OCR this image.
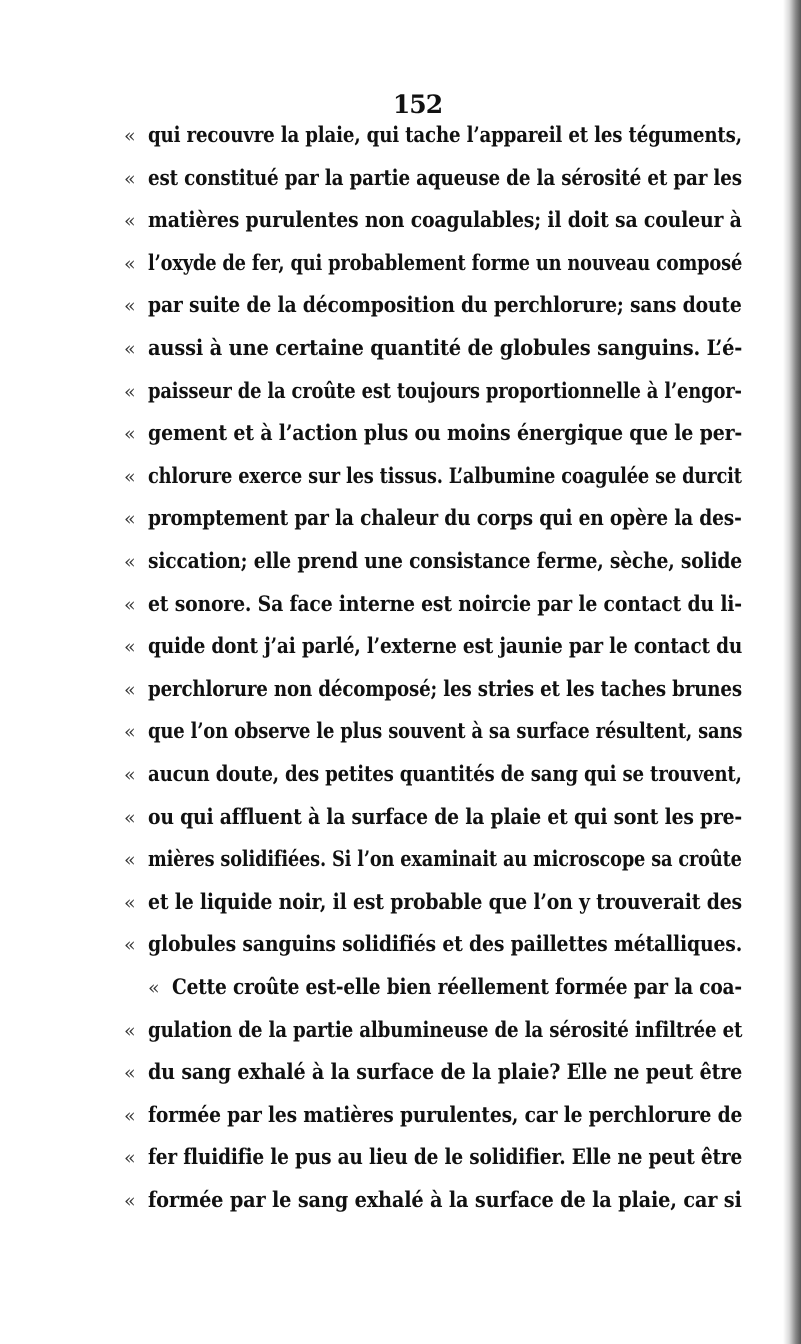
152
« qui recouvre la plaie, qui tache l’appareil et les téguments,
« est constitué par la partie aqueuse de la sérosité et par les
« matières purulentes non coagulables; il doit sa couleur à
« l’oxyde de fer, qui probablement forme un nouveau composé
« par suite de la décomposition du perchlorure; sans doute
« aussi à une certaine quantité de globules sanguins. L’é-
« paisseur de la croûte est toujours proportionnelle à l’engor-
« gement et à l’action plus ou moins énergique que le per-
« chlorure exerce sur les tissus. L’albumine coagulée se durcit
« promptement par la chaleur du corps qui en opère la des-
« siccation; elle prend une consistance ferme, sèche, solide
« et sonore. Sa face interne est noircie par le contact du li-
« quide dont j’ai parlé, l’externe est jaunie par le contact du
« perchlorure non décomposé; les stries et les taches brunes
« que l’on observe le plus souvent à sa surface résultent, sans
« aucun doute, des petites quantités de sang qui se trouvent,
« ou qui affluent à la surface de la plaie et qui sont les pre-
« mières solidifiées. Si l’on examinait au microscope sa croûte
« et le liquide noir, il est probable que l’on y trouverait des
« globules sanguins solidifiés et des paillettes métalliques.
« Cette croûte est-elle bien réellement formée par la coa-
« gulation de la partie albumineuse de la sérosité infiltrée et
« du sang exhalé à la surface de la plaie? Elle ne peut être
« formée par les matières purulentes, car le perchlorure de
« fer fluidifie le pus au lieu de le solidifier. Elle ne peut être
« formée par le sang exhalé à la surface de la plaie, car si
